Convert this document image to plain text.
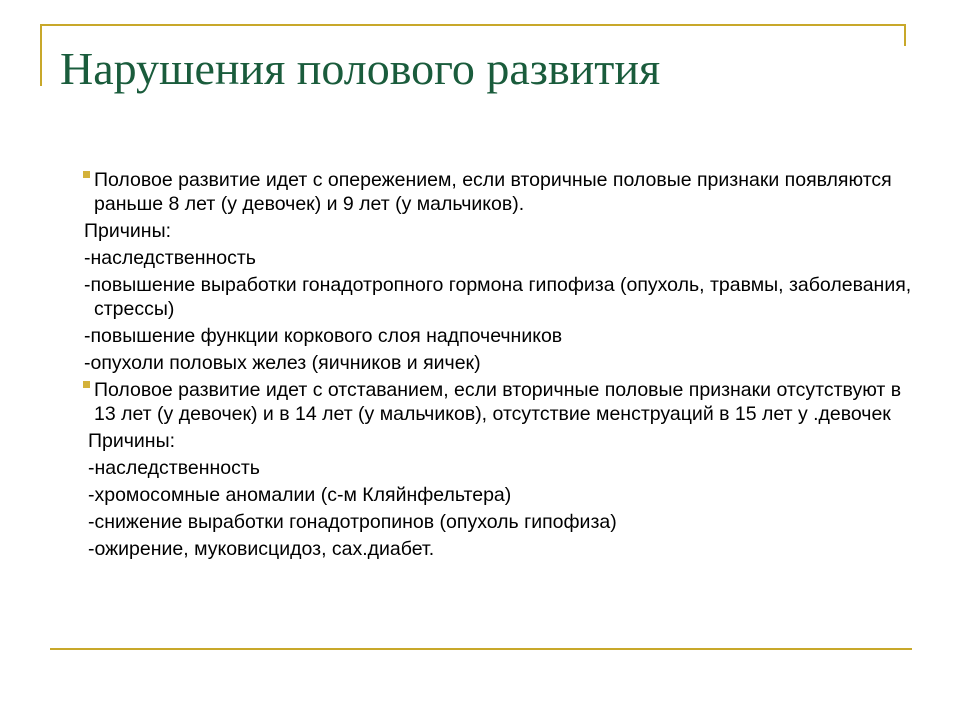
Нарушения полового развития

Половое развитие идет с опережением, если вторичные половые признаки появляются раньше 8 лет (у девочек) и 9 лет (у мальчиков).

Причины:

-наследственность

-повышение выработки гонадотропного гормона гипофиза (опухоль, травмы, заболевания, стрессы)

-повышение функции коркового слоя надпочечников

-опухоли половых желез (яичников и яичек)

Половое развитие идет с отставанием, если вторичные половые признаки отсутствуют в 13 лет (у девочек) и в 14 лет (у мальчиков), отсутствие менструаций в 15 лет у .девочек

Причины:

-наследственность

-хромосомные аномалии (с-м Кляйнфельтера)

-снижение выработки гонадотропинов (опухоль гипофиза)

-ожирение, муковисцидоз, сах.диабет.
